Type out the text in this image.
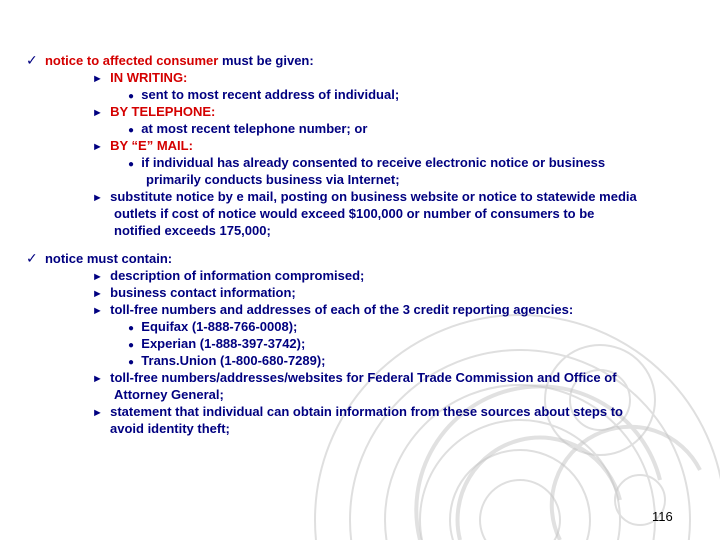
✓ notice to affected consumer must be given:
► IN WRITING:
● sent to most recent address of individual;
► BY TELEPHONE:
● at most recent telephone number; or
► BY “E” MAIL:
● if individual has already consented to receive electronic notice or business
primarily conducts business via Internet;
► substitute notice by e mail, posting on business website or notice to statewide media
outlets if cost of notice would exceed $100,000 or number of consumers to be
notified exceeds 175,000;
✓ notice must contain:
► description of information compromised;
► business contact information;
► toll-free numbers and addresses of each of the 3 credit reporting agencies:
● Equifax (1-888-766-0008);
● Experian (1-888-397-3742);
● Trans.Union (1-800-680-7289);
► toll-free numbers/addresses/websites for Federal Trade Commission and Office of
Attorney General;
► statement that individual can obtain information from these sources about steps to
avoid identity theft;
116
